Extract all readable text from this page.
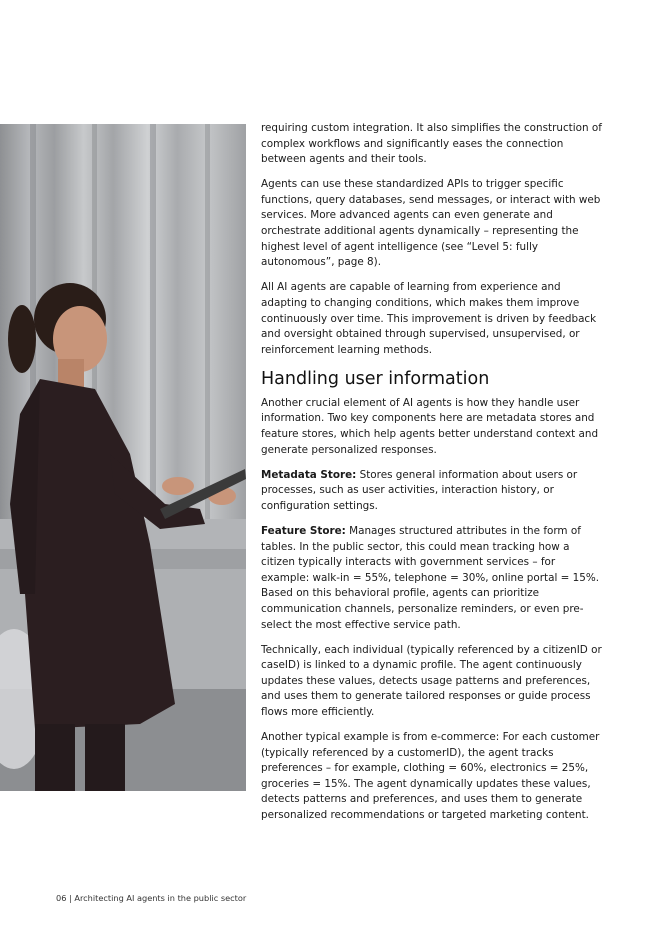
requiring custom integration. It also simplifies the construction of complex workflows and significantly eases the connection between agents and their tools.

Agents can use these standardized APIs to trigger specific functions, query databases, send messages, or interact with web services. More advanced agents can even generate and orchestrate additional agents dynamically – representing the highest level of agent intelligence (see “Level 5: fully autonomous”, page 8).

All AI agents are capable of learning from experience and adapting to changing conditions, which makes them improve continuously over time. This improvement is driven by feedback and oversight obtained through supervised, unsupervised, or reinforcement learning methods.

Handling user information

Another crucial element of AI agents is how they handle user information. Two key components here are metadata stores and feature stores, which help agents better understand context and generate personalized responses.

Metadata Store: Stores general information about users or processes, such as user activities, interaction history, or configuration settings.

Feature Store: Manages structured attributes in the form of tables. In the public sector, this could mean tracking how a citizen typically interacts with government services – for example: walk-in = 55%, telephone = 30%, online portal = 15%. Based on this behavioral profile, agents can prioritize communication channels, personalize reminders, or even pre-select the most effective service path.

Technically, each individual (typically referenced by a citizenID or caseID) is linked to a dynamic profile. The agent continuously updates these values, detects usage patterns and preferences, and uses them to generate tailored responses or guide process flows more efficiently.

Another typical example is from e-commerce: For each customer (typically referenced by a customerID), the agent tracks preferences – for example, clothing = 60%, electronics = 25%, groceries = 15%. The agent dynamically updates these values, detects patterns and preferences, and uses them to generate personalized recommendations or targeted marketing content.

06 | Architecting AI agents in the public sector
